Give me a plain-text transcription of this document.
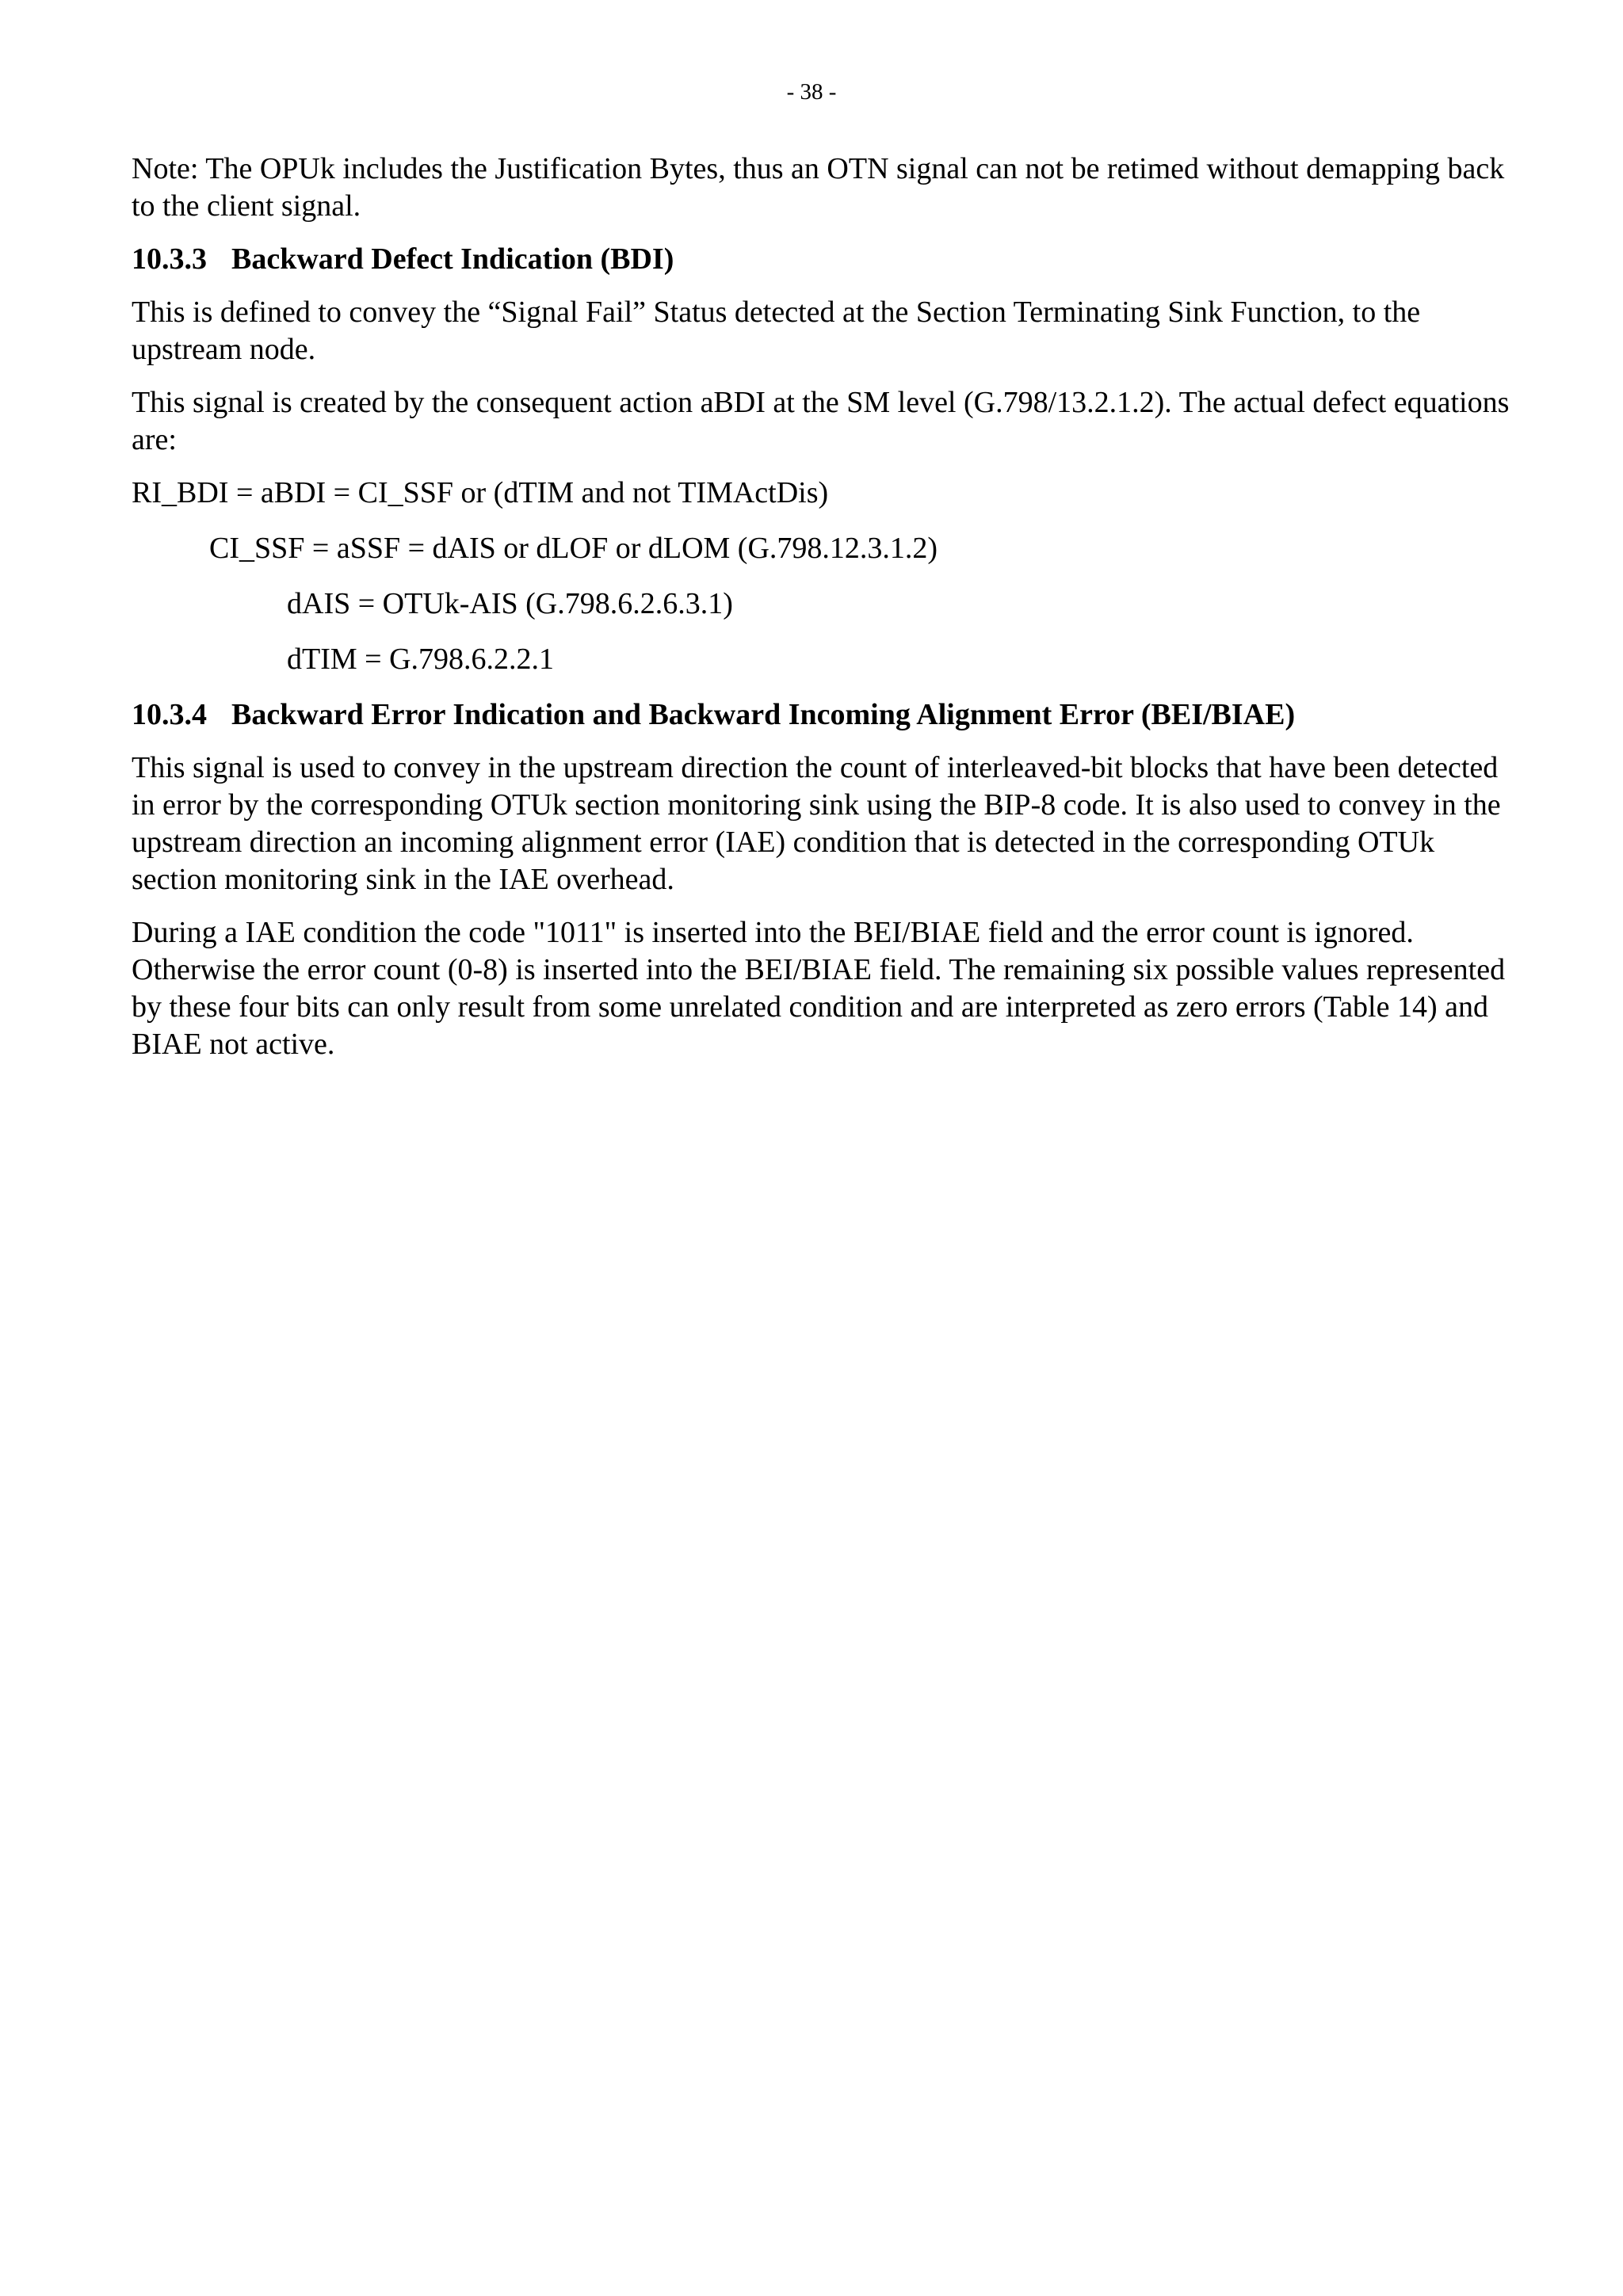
- 38 -

Note: The OPUk includes the Justification Bytes, thus an OTN signal can not be retimed without demapping back to the client signal.

10.3.3 Backward Defect Indication (BDI)

This is defined to convey the “Signal Fail” Status detected at the Section Terminating Sink Function, to the upstream node.

This signal is created by the consequent action aBDI at the SM level (G.798/13.2.1.2). The actual defect equations are:

RI_BDI = aBDI = CI_SSF or (dTIM and not TIMActDis)
CI_SSF = aSSF = dAIS or dLOF or dLOM (G.798.12.3.1.2)
dAIS = OTUk-AIS (G.798.6.2.6.3.1)
dTIM = G.798.6.2.2.1
10.3.4 Backward Error Indication and Backward Incoming Alignment Error (BEI/BIAE)

This signal is used to convey in the upstream direction the count of interleaved-bit blocks that have been detected in error by the corresponding OTUk section monitoring sink using the BIP-8 code. It is also used to convey in the upstream direction an incoming alignment error (IAE) condition that is detected in the corresponding OTUk section monitoring sink in the IAE overhead.

During a IAE condition the code "1011" is inserted into the BEI/BIAE field and the error count is ignored. Otherwise the error count (0-8) is inserted into the BEI/BIAE field. The remaining six possible values represented by these four bits can only result from some unrelated condition and are interpreted as zero errors (Table 14) and BIAE not active.
